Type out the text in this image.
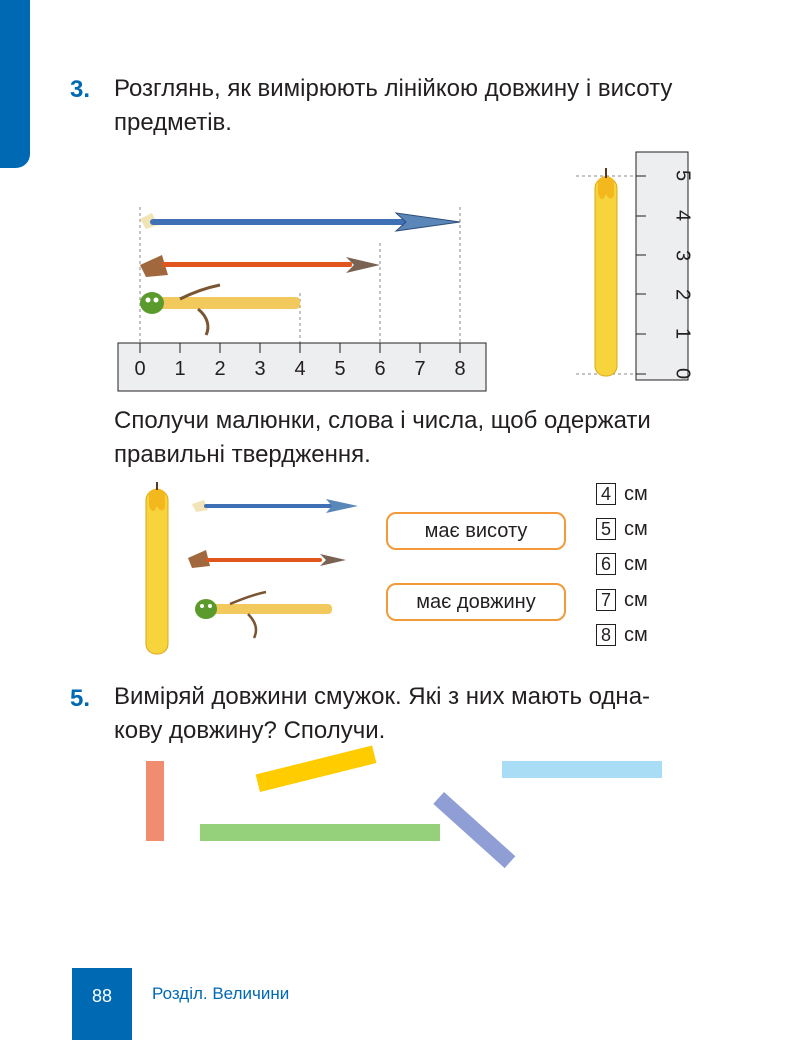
3. Розглянь, як вимірюють лінійкою довжину і висоту
предметів.
0 1 2 3 4 5 6 7 8	0
1
2
3
4
5
Сполучи малюнки, слова і числа, щоб одержати
правильні твердження.
має висоту
має довжину
4 см
5 см
6 см
7 см
8 см
5. Виміряй довжини смужок. Які з них мають одна-
кову довжину? Сполучи.
88	Розділ. Величини
